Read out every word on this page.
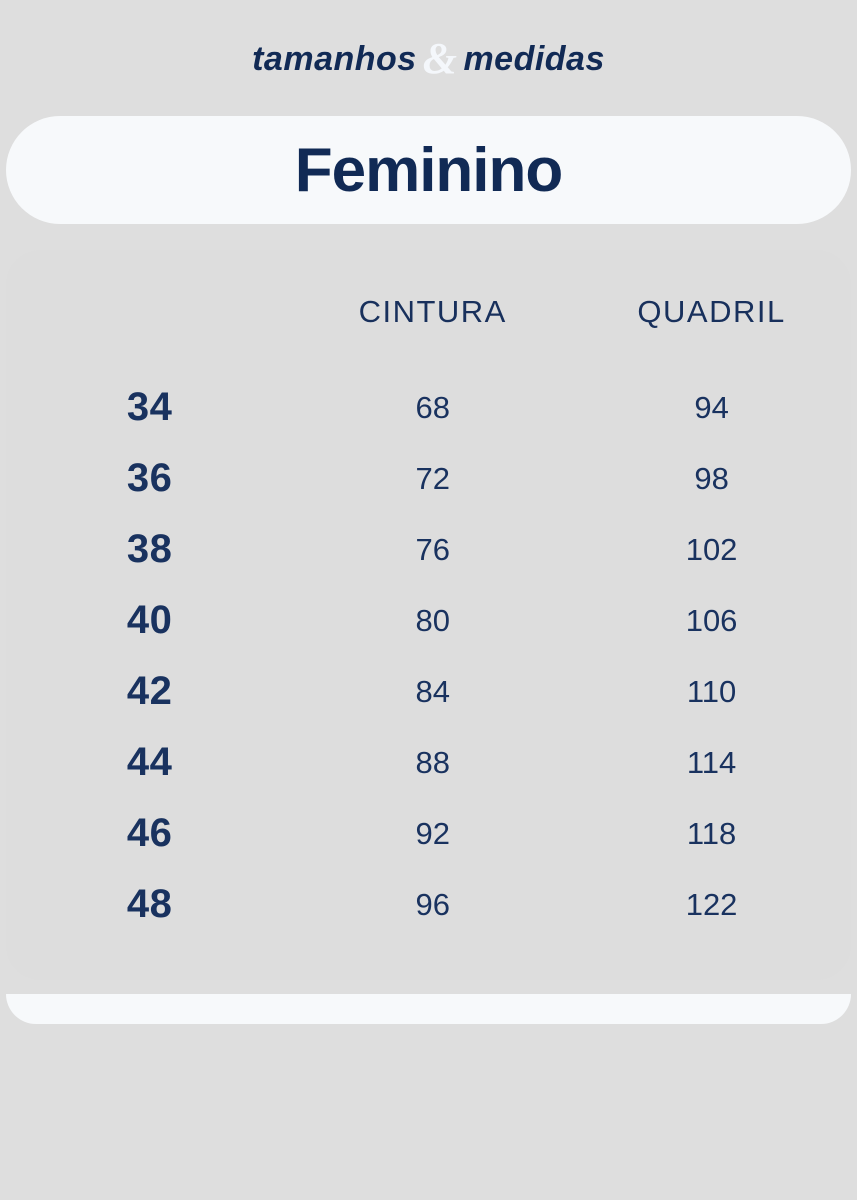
tamanhos & medidas
Feminino
	CINTURA	QUADRIL
34	68	94
36	72	98
38	76	102
40	80	106
42	84	110
44	88	114
46	92	118
48	96	122
